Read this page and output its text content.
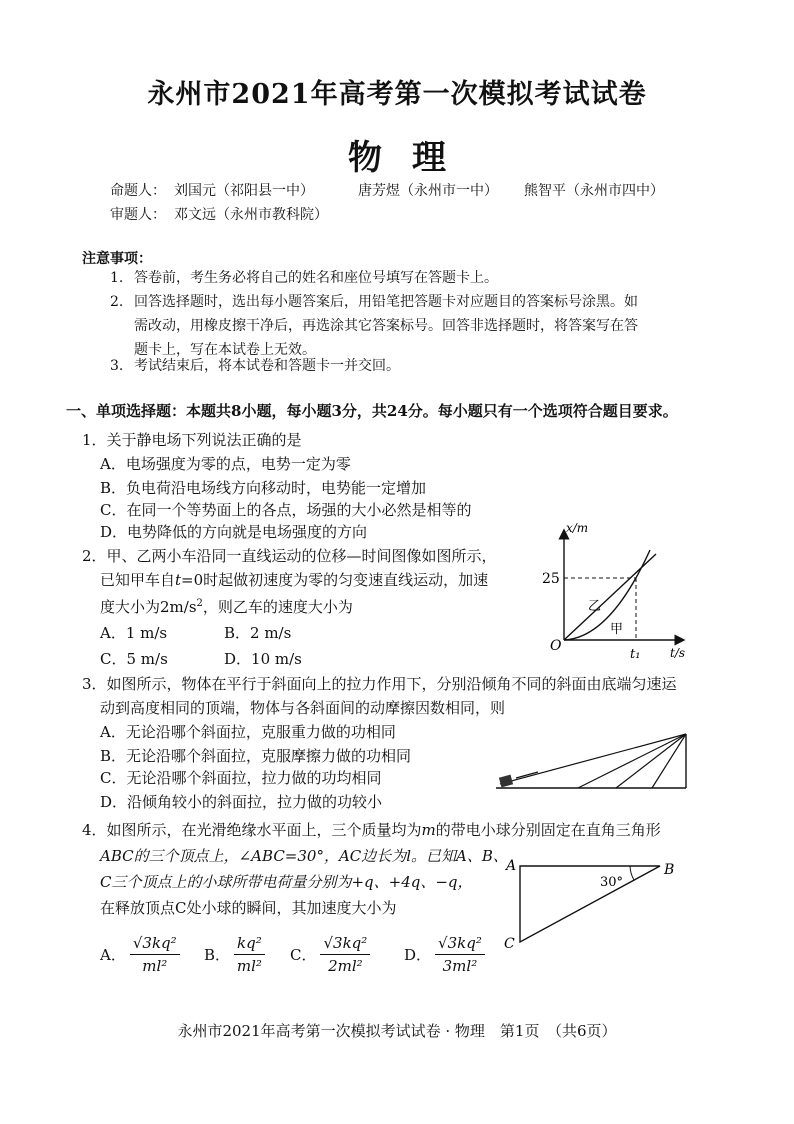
永州市2021年高考第一次模拟考试试卷
物理
命题人： 刘国元（祁阳县一中）	唐芳煜（永州市一中） 熊智平（永州市四中）
审题人： 邓文远（永州市教科院）
注意事项：
1. 答卷前，考生务必将自己的姓名和座位号填写在答题卡上。
2. 回答选择题时，选出每小题答案后，用铅笔把答题卡对应题目的答案标号涂黑。如
需改动，用橡皮擦干净后，再选涂其它答案标号。回答非选择题时，将答案写在答
题卡上，写在本试卷上无效。
3. 考试结束后，将本试卷和答题卡一并交回。
一、单项选择题：本题共8小题，每小题3分，共24分。每小题只有一个选项符合题目要求。
1．关于静电场下列说法正确的是
A．电场强度为零的点，电势一定为零
B．负电荷沿电场线方向移动时，电势能一定增加
C．在同一个等势面上的各点，场强的大小必然是相等的
D．电势降低的方向就是电场强度的方向
2．甲、乙两小车沿同一直线运动的位移—时间图像如图所示，
已知甲车自t=0时起做初速度为零的匀变速直线运动，加速
度大小为$2m/s^2$，则乙车的速度大小为
A．1 m/s	B．2 m/s
C．5 m/s	D．10 m/s
x/m
t/s
25
t₁
O
乙
甲
3．如图所示，物体在平行于斜面向上的拉力作用下，分别沿倾角不同的斜面由底端匀速运
动到高度相同的顶端，物体与各斜面间的动摩擦因数相同，则
A．无论沿哪个斜面拉，克服重力做的功相同
B．无论沿哪个斜面拉，克服摩擦力做的功相同
C．无论沿哪个斜面拉，拉力做的功均相同
D．沿倾角较小的斜面拉，拉力做的功较小
4．如图所示，在光滑绝缘水平面上，三个质量均为m的带电小球分别固定在直角三角形
ABC的三个顶点上，∠ABC=30°，AC边长为l。已知A、B、
C三个顶点上的小球所带电荷量分别为+q、+4q、−q，
在释放顶点C处小球的瞬间，其加速度大小为
A． $\frac{\text{√3kq²}}{\text{ml²}}$ B． $\frac{\text{kq²}}{\text{ml²}}$ C． $\frac{\text{√3kq²}}{\text{2ml²}}$ D． $\frac{\text{√3kq²}}{\text{3ml²}}$
A	B
C
30°
永州市2021年高考第一次模拟考试试卷 · 物理　第1页　（共6页）
